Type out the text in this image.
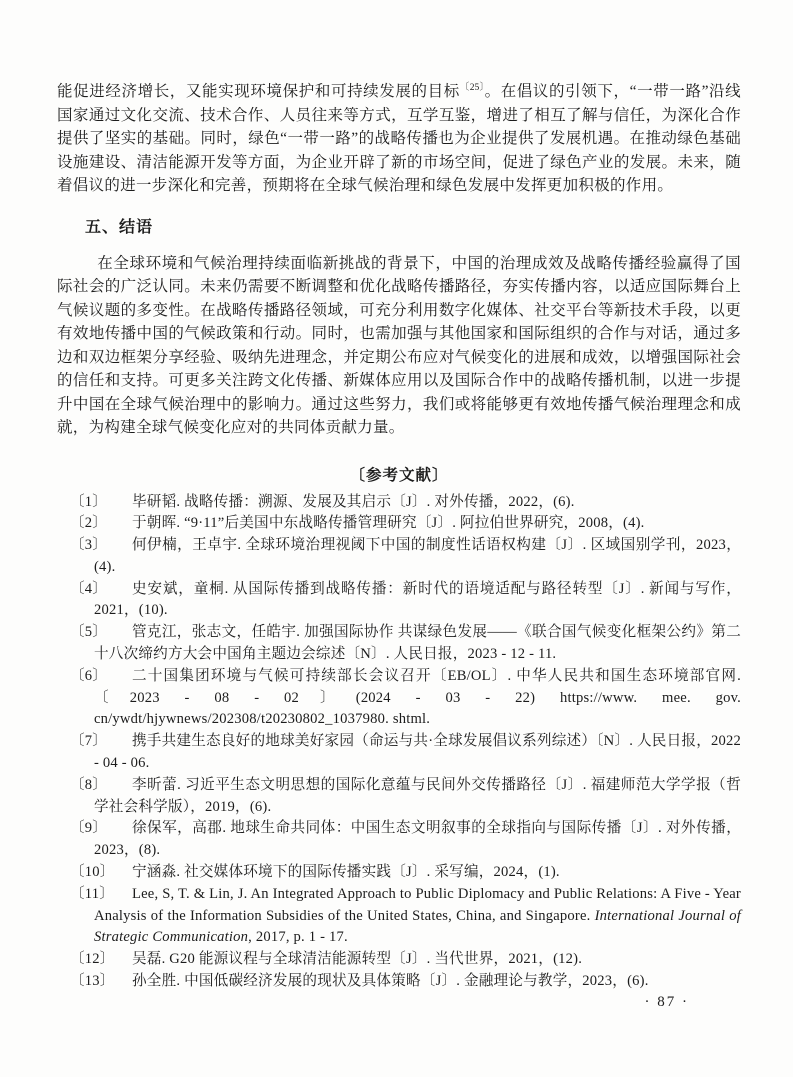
能促进经济增长，又能实现环境保护和可持续发展的目标$^{〔25〕}$。在倡议的引领下，“一带一路”沿线国家通过文化交流、技术合作、人员往来等方式，互学互鉴，增进了相互了解与信任，为深化合作提供了坚实的基础。同时，绿色“一带一路”的战略传播也为企业提供了发展机遇。在推动绿色基础设施建设、清洁能源开发等方面，为企业开辟了新的市场空间，促进了绿色产业的发展。未来，随着倡议的进一步深化和完善，预期将在全球气候治理和绿色发展中发挥更加积极的作用。

五、结语

在全球环境和气候治理持续面临新挑战的背景下，中国的治理成效及战略传播经验赢得了国际社会的广泛认同。未来仍需要不断调整和优化战略传播路径，夯实传播内容，以适应国际舞台上气候议题的多变性。在战略传播路径领域，可充分利用数字化媒体、社交平台等新技术手段，以更有效地传播中国的气候政策和行动。同时，也需加强与其他国家和国际组织的合作与对话，通过多边和双边框架分享经验、吸纳先进理念，并定期公布应对气候变化的进展和成效，以增强国际社会的信任和支持。可更多关注跨文化传播、新媒体应用以及国际合作中的战略传播机制，以进一步提升中国在全球气候治理中的影响力。通过这些努力，我们或将能够更有效地传播气候治理理念和成就，为构建全球气候变化应对的共同体贡献力量。

〔参考文献〕
〔1〕 毕研韬. 战略传播：溯源、发展及其启示〔J〕. 对外传播，2022，(6).
〔2〕 于朝晖. “9·11”后美国中东战略传播管理研究〔J〕. 阿拉伯世界研究，2008，(4).
〔3〕 何伊楠，王卓宇. 全球环境治理视阈下中国的制度性话语权构建〔J〕. 区域国别学刊，2023，(4).
〔4〕 史安斌，童桐. 从国际传播到战略传播：新时代的语境适配与路径转型〔J〕. 新闻与写作，2021，(10).
〔5〕 管克江，张志文，任皓宇. 加强国际协作 共谋绿色发展——《联合国气候变化框架公约》第二十八次缔约方大会中国角主题边会综述〔N〕. 人民日报，2023 - 12 - 11.
〔6〕 二十国集团环境与气候可持续部长会议召开〔EB/OL〕. 中华人民共和国生态环境部官网. 〔2023 - 08 - 02〕(2024 - 03 - 22) https://www. mee. gov. cn/ywdt/hjywnews/202308/t20230802_1037980. shtml.
〔7〕 携手共建生态良好的地球美好家园（命运与共·全球发展倡议系列综述）〔N〕. 人民日报，2022 - 04 - 06.
〔8〕 李昕蕾. 习近平生态文明思想的国际化意蕴与民间外交传播路径〔J〕. 福建师范大学学报（哲学社会科学版），2019，(6).
〔9〕 徐保军，高郡. 地球生命共同体：中国生态文明叙事的全球指向与国际传播〔J〕. 对外传播，2023，(8).
〔10〕 宁涵淼. 社交媒体环境下的国际传播实践〔J〕. 采写编，2024，(1).
〔11〕 Lee, S, T. & Lin, J. An Integrated Approach to Public Diplomacy and Public Relations: A Five - Year Analysis of the Information Subsidies of the United States, China, and Singapore. International Journal of Strategic Communication, 2017, p. 1 - 17.
〔12〕 吴磊. G20 能源议程与全球清洁能源转型〔J〕. 当代世界，2021，(12).
〔13〕 孙全胜. 中国低碳经济发展的现状及具体策略〔J〕. 金融理论与教学，2023，(6).
· 87 ·
